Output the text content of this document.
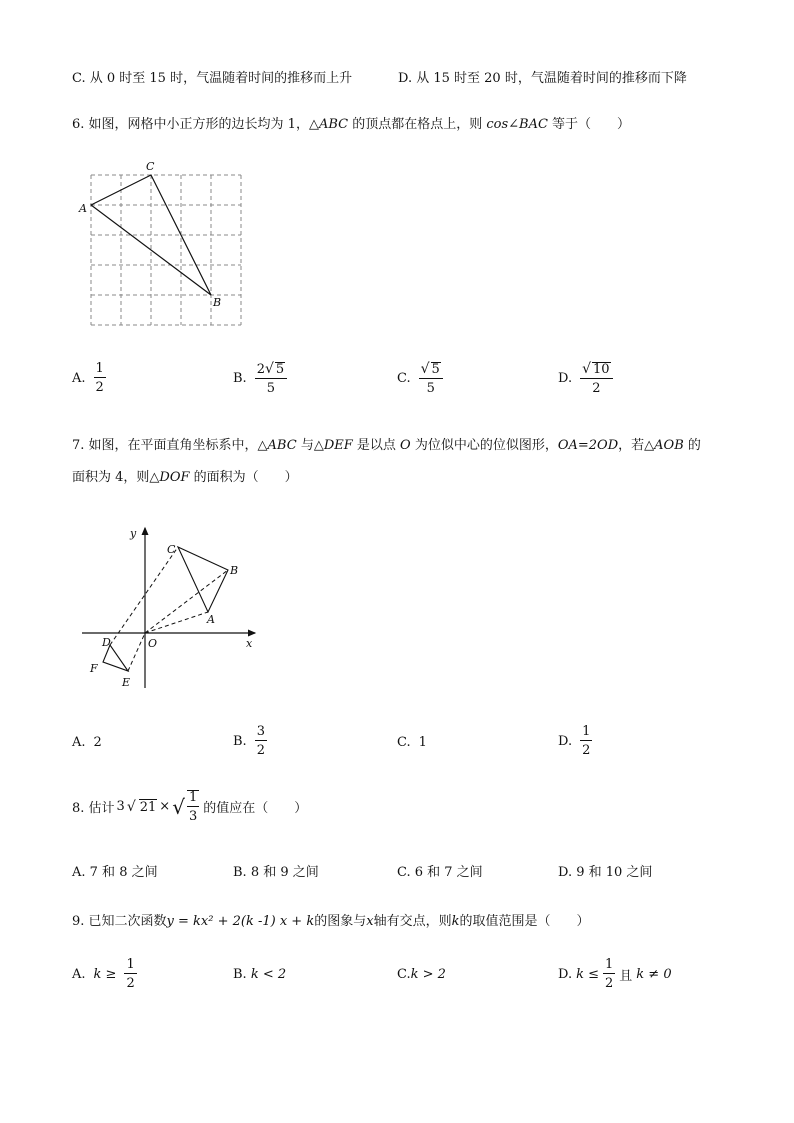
C. 从 0 时至 15 时，气温随着时间的推移而上升	D. 从 15 时至 20 时，气温随着时间的推移而下降
6. 如图，网格中小正方形的边长均为 1，△ABC 的顶点都在格点上，则 cos∠BAC 等于（　　）
A
C
B
A. $\frac{1}{2}$	B. $\frac{2√ 5}{5}$	C. $\frac{√ 5}{5}$	D. $\frac{√ 10}{2}$
7. 如图，在平面直角坐标系中，△ABC 与△DEF 是以点 O 为位似中心的位似图形，OA=2OD，若△AOB 的
面积为 4，则△DOF 的面积为（　　）
y
x
O
C
B
A
D
F
E
A. 2	B. $\frac{3}{2}$	C. 1	D. $\frac{1}{2}$
8. 估计 3 √ 21 × √ $\frac{1}{3}$ 的值应在（　　）
A. 7 和 8 之间	B. 8 和 9 之间	C. 6 和 7 之间	D. 9 和 10 之间
9. 已知二次函数y = kx² + 2(k -1) x + k的图象与x轴有交点，则k的取值范围是（　　）
A. $k \ge \frac{1}{2}$	B. k < 2	C.k > 2	D. $k \le \frac{1}{2}$ 且 k ≠ 0
